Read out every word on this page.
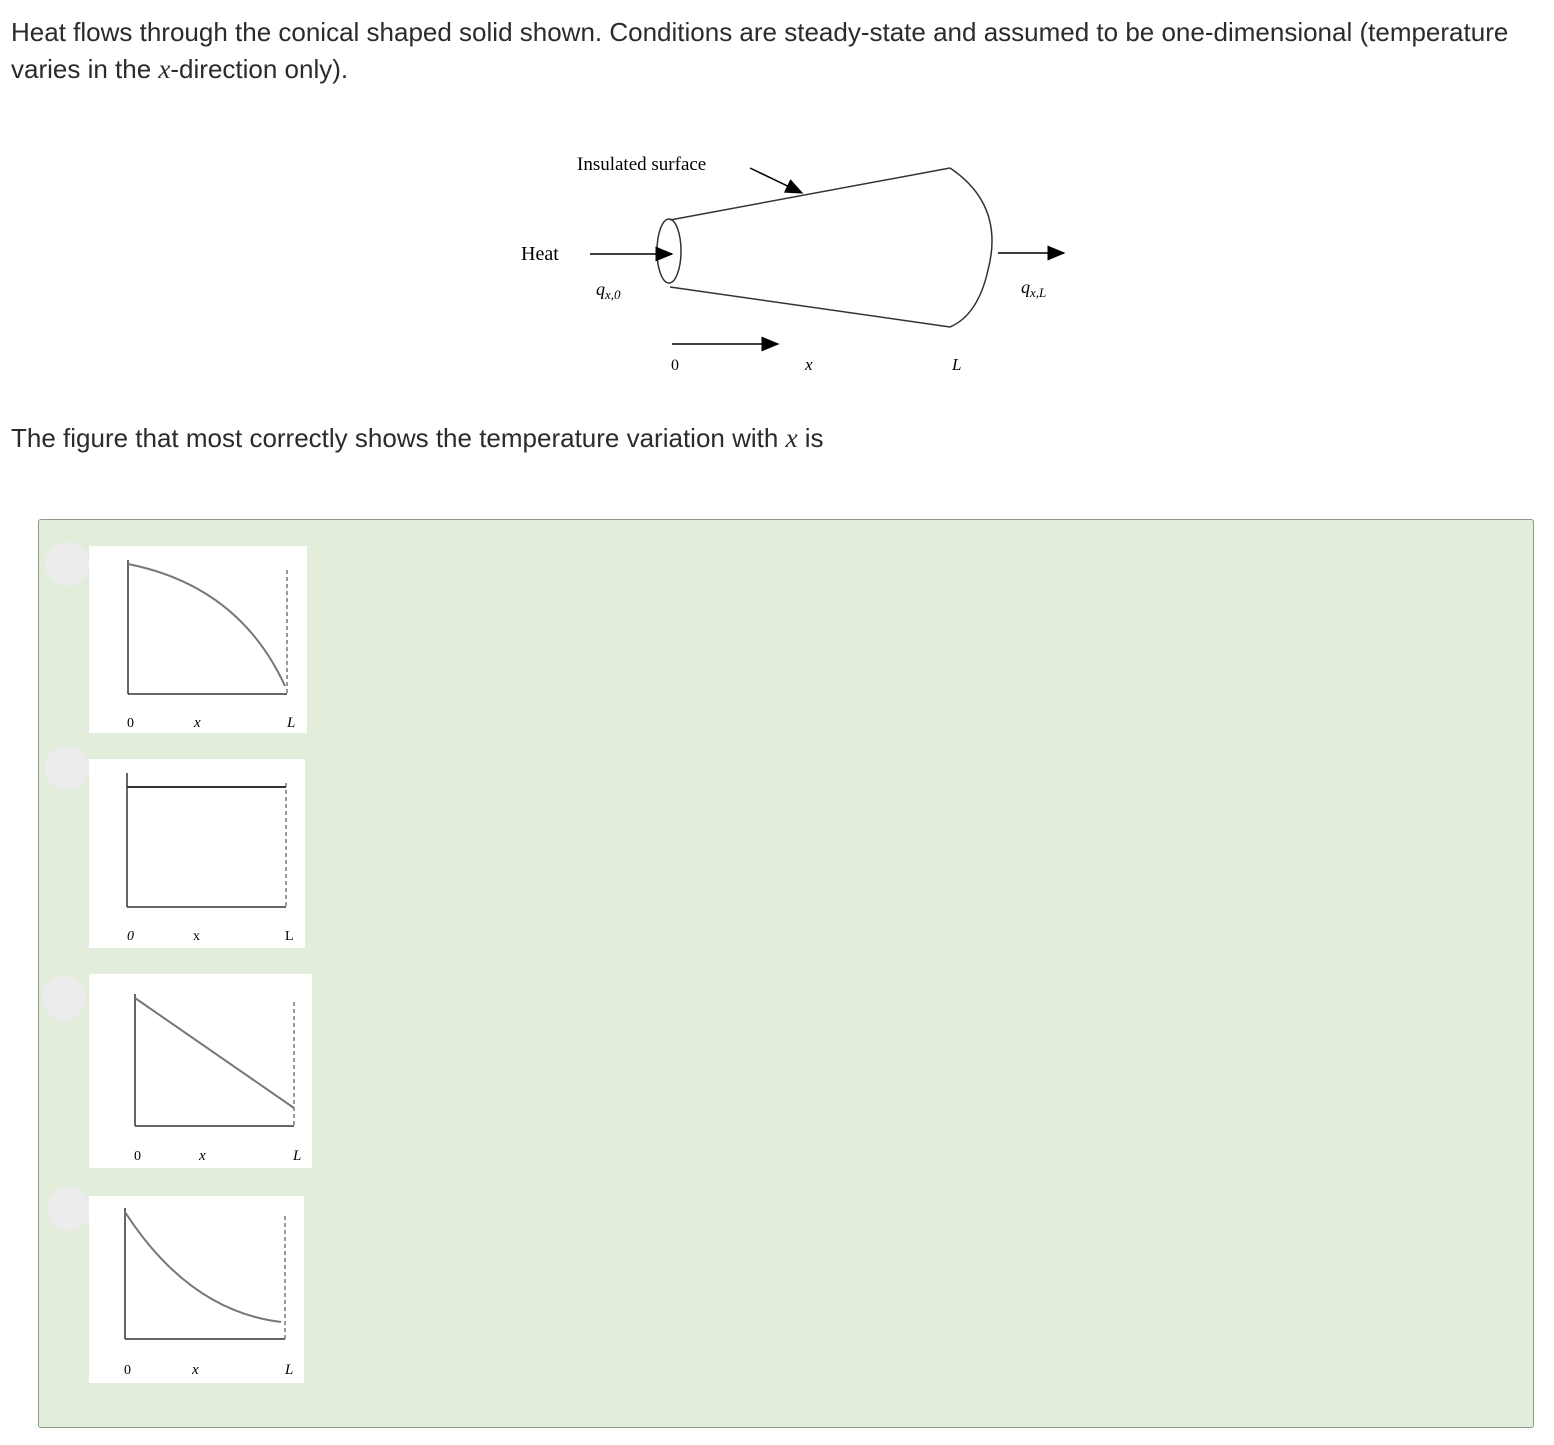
Heat flows through the conical shaped solid shown. Conditions are steady-state and assumed to be one-dimensional (temperature varies in the x-direction only).

Insulated surface
Heat
$q_{x,0}$	$q_{x,L}$
0	x	L

The figure that most correctly shows the temperature variation with x is

0	x	L
0	x	L
0	x	L
0	x	L
